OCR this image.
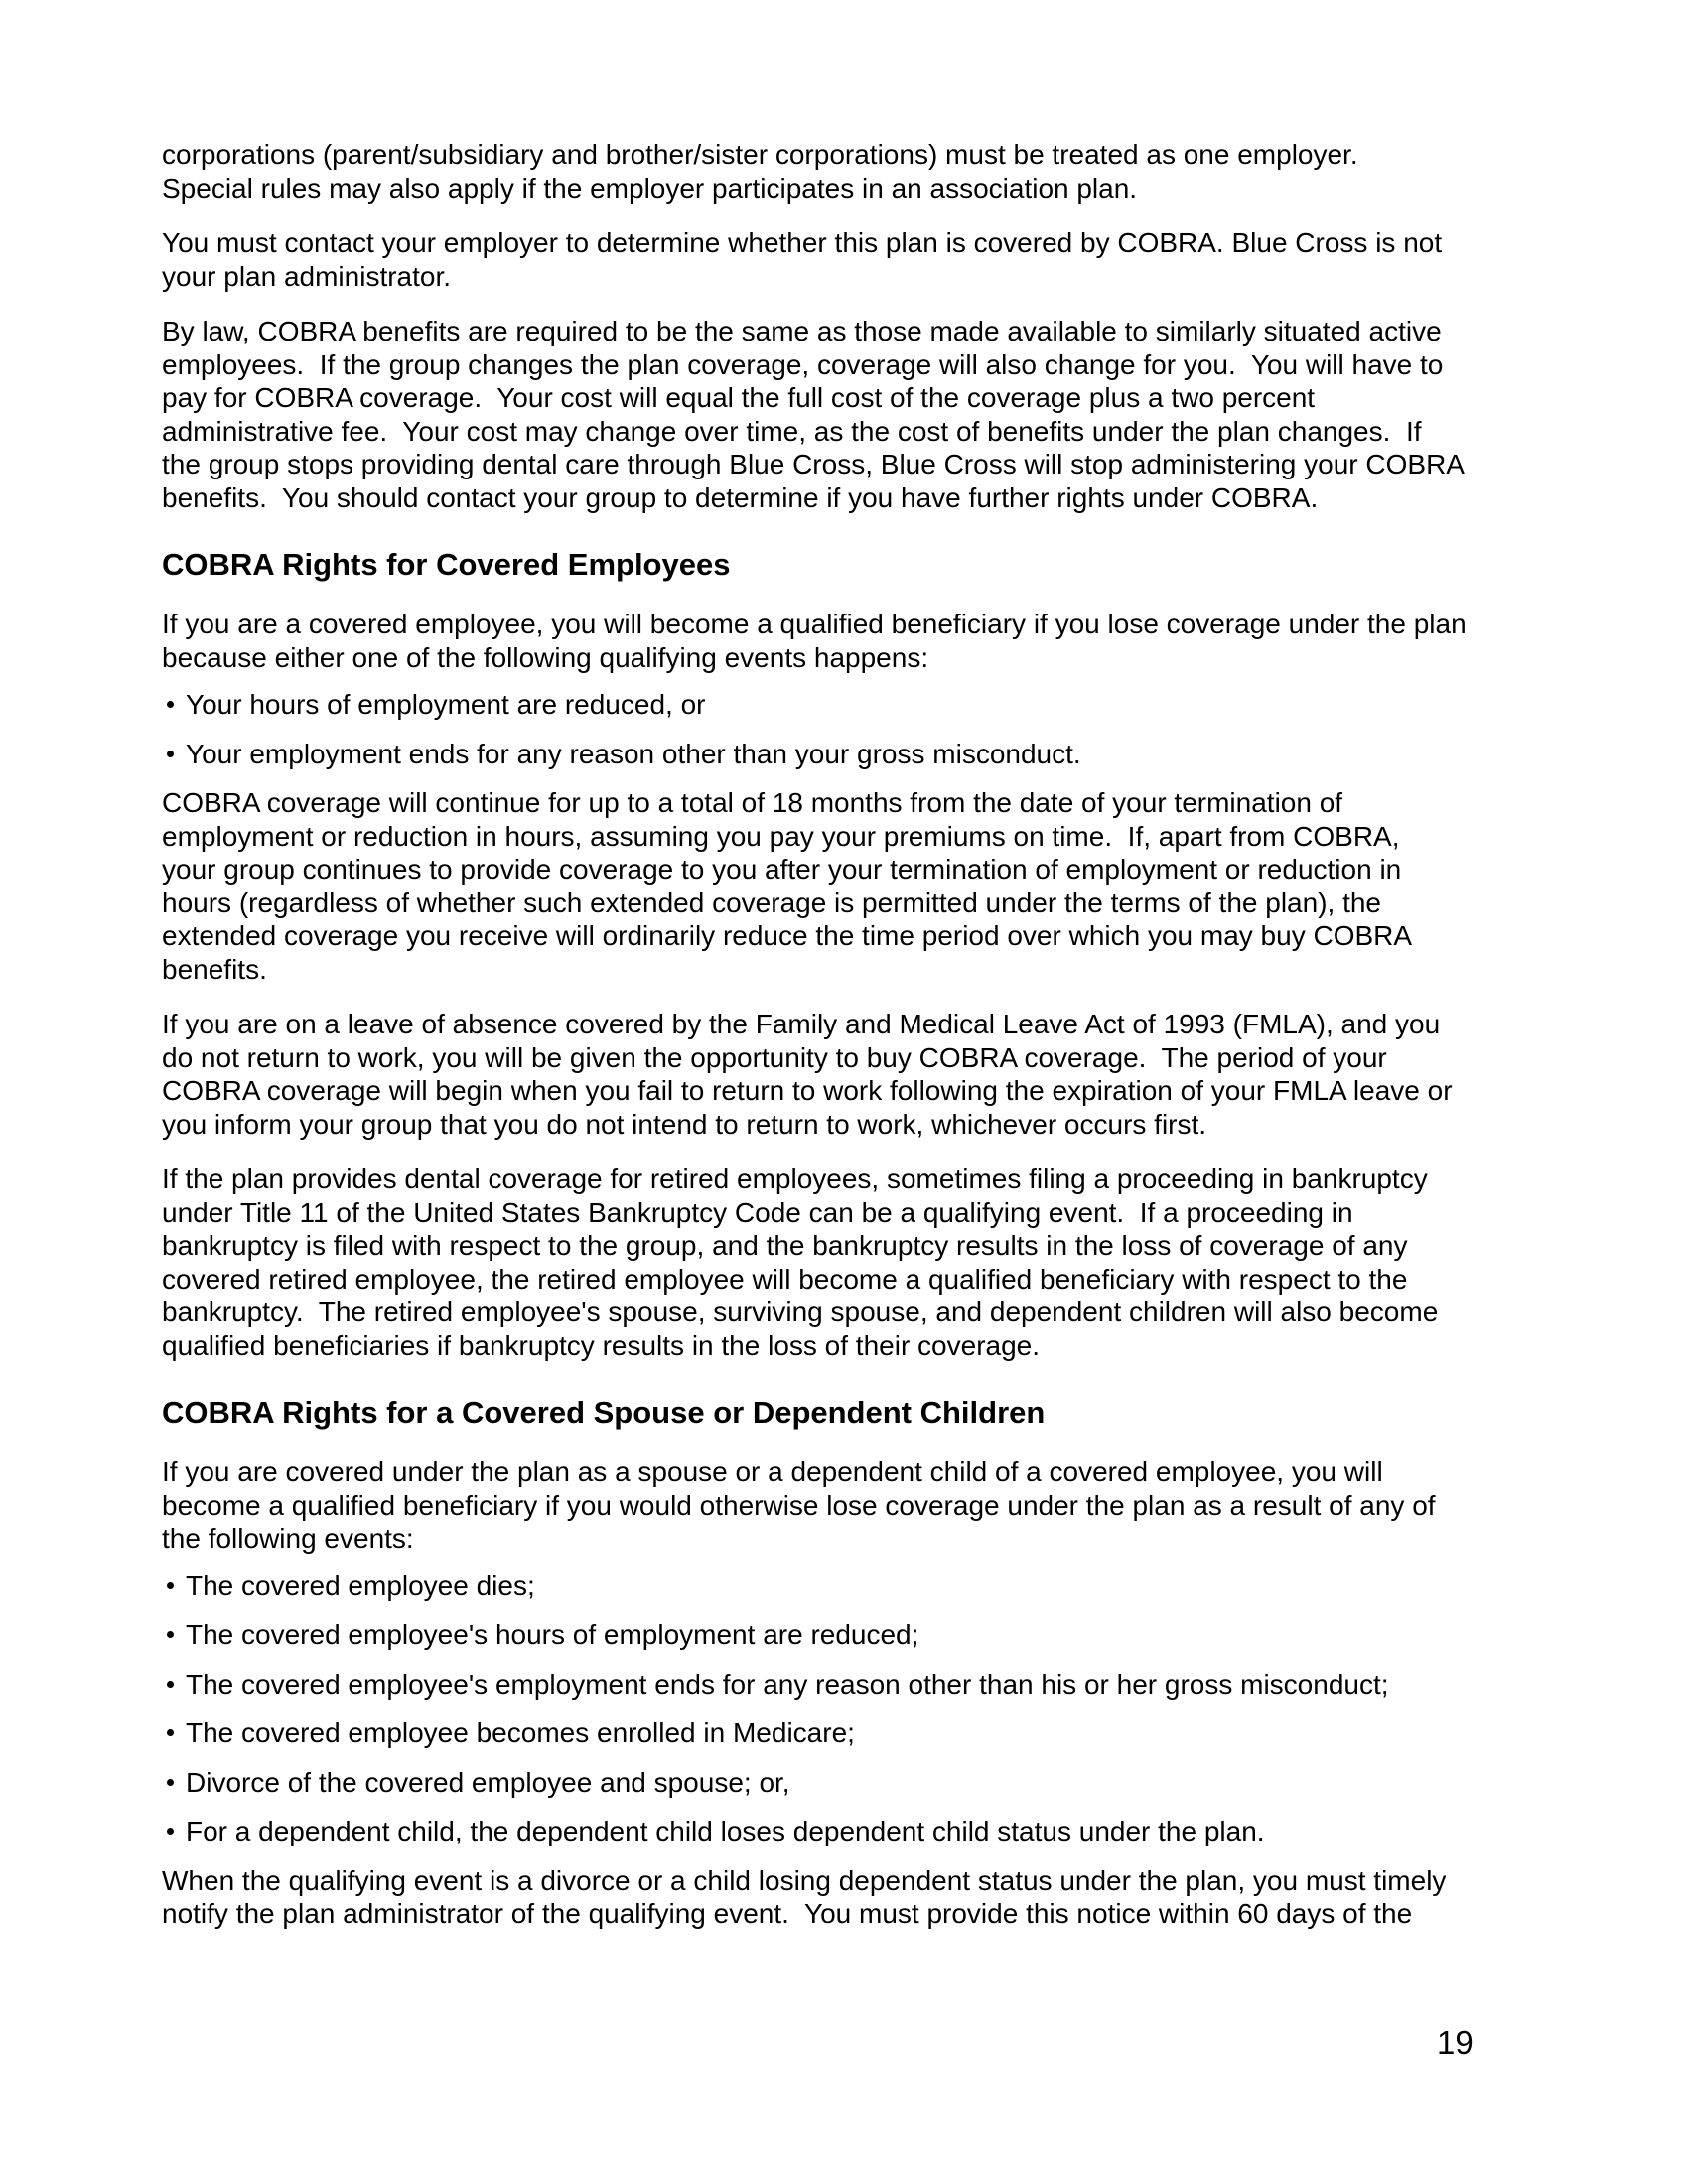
corporations (parent/subsidiary and brother/sister corporations) must be treated as one employer.
Special rules may also apply if the employer participates in an association plan.
You must contact your employer to determine whether this plan is covered by COBRA. Blue Cross is not
your plan administrator.
By law, COBRA benefits are required to be the same as those made available to similarly situated active
employees.  If the group changes the plan coverage, coverage will also change for you.  You will have to
pay for COBRA coverage.  Your cost will equal the full cost of the coverage plus a two percent
administrative fee.  Your cost may change over time, as the cost of benefits under the plan changes.  If
the group stops providing dental care through Blue Cross, Blue Cross will stop administering your COBRA
benefits.  You should contact your group to determine if you have further rights under COBRA.
COBRA Rights for Covered Employees
If you are a covered employee, you will become a qualified beneficiary if you lose coverage under the plan
because either one of the following qualifying events happens:
Your hours of employment are reduced, or
Your employment ends for any reason other than your gross misconduct.
COBRA coverage will continue for up to a total of 18 months from the date of your termination of
employment or reduction in hours, assuming you pay your premiums on time.  If, apart from COBRA,
your group continues to provide coverage to you after your termination of employment or reduction in
hours (regardless of whether such extended coverage is permitted under the terms of the plan), the
extended coverage you receive will ordinarily reduce the time period over which you may buy COBRA
benefits.
If you are on a leave of absence covered by the Family and Medical Leave Act of 1993 (FMLA), and you
do not return to work, you will be given the opportunity to buy COBRA coverage.  The period of your
COBRA coverage will begin when you fail to return to work following the expiration of your FMLA leave or
you inform your group that you do not intend to return to work, whichever occurs first.
If the plan provides dental coverage for retired employees, sometimes filing a proceeding in bankruptcy
under Title 11 of the United States Bankruptcy Code can be a qualifying event.  If a proceeding in
bankruptcy is filed with respect to the group, and the bankruptcy results in the loss of coverage of any
covered retired employee, the retired employee will become a qualified beneficiary with respect to the
bankruptcy.  The retired employee's spouse, surviving spouse, and dependent children will also become
qualified beneficiaries if bankruptcy results in the loss of their coverage.
COBRA Rights for a Covered Spouse or Dependent Children
If you are covered under the plan as a spouse or a dependent child of a covered employee, you will
become a qualified beneficiary if you would otherwise lose coverage under the plan as a result of any of
the following events:
The covered employee dies;
The covered employee's hours of employment are reduced;
The covered employee's employment ends for any reason other than his or her gross misconduct;
The covered employee becomes enrolled in Medicare;
Divorce of the covered employee and spouse; or,
For a dependent child, the dependent child loses dependent child status under the plan.
When the qualifying event is a divorce or a child losing dependent status under the plan, you must timely
notify the plan administrator of the qualifying event.  You must provide this notice within 60 days of the
19
